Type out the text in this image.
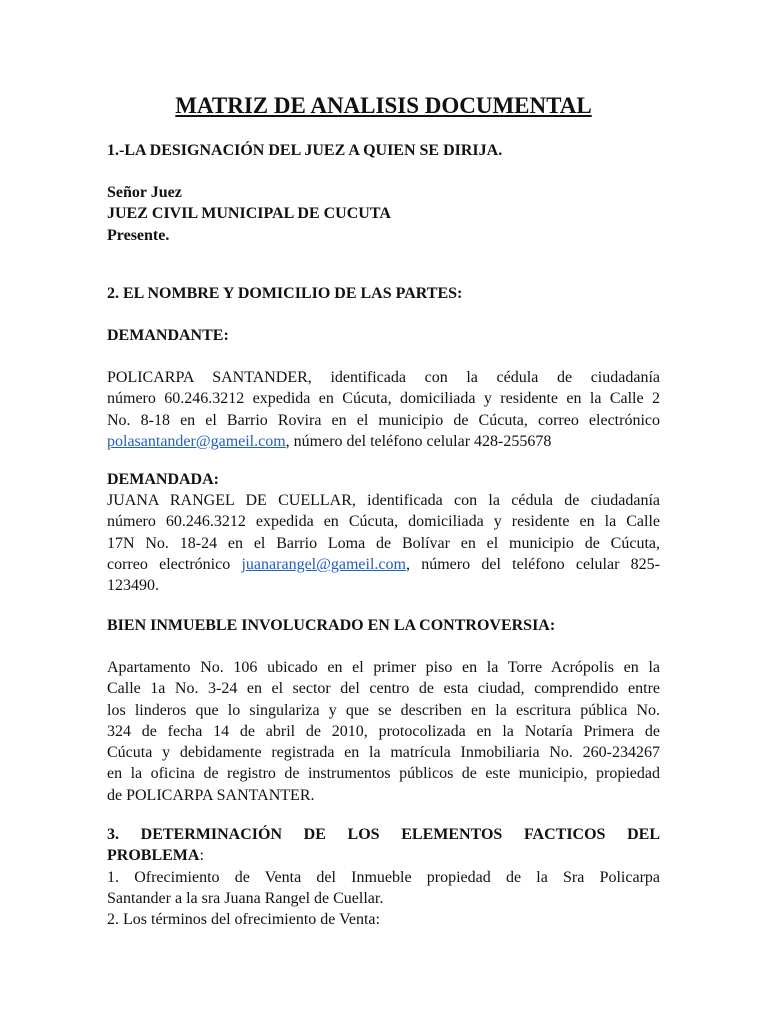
MATRIZ DE ANALISIS DOCUMENTAL

1.-LA DESIGNACIÓN DEL JUEZ A QUIEN SE DIRIJA.

Señor Juez
JUEZ CIVIL MUNICIPAL DE CUCUTA
Presente.

2. EL NOMBRE Y DOMICILIO DE LAS PARTES:

DEMANDANTE:

POLICARPA SANTANDER, identificada con la cédula de ciudadanía
número 60.246.3212 expedida en Cúcuta, domiciliada y residente en la Calle 2
No. 8-18 en el Barrio Rovira en el municipio de Cúcuta, correo electrónico
polasantander@gameil.com, número del teléfono celular 428-255678

DEMANDADA:

JUANA RANGEL DE CUELLAR, identificada con la cédula de ciudadanía
número 60.246.3212 expedida en Cúcuta, domiciliada y residente en la Calle
17N No. 18-24 en el Barrio Loma de Bolívar en el municipio de Cúcuta,
correo electrónico juanarangel@gameil.com, número del teléfono celular 825-
123490.

BIEN INMUEBLE INVOLUCRADO EN LA CONTROVERSIA:

Apartamento No. 106 ubicado en el primer piso en la Torre Acrópolis en la
Calle 1a No. 3-24 en el sector del centro de esta ciudad, comprendido entre
los linderos que lo singulariza y que se describen en la escritura pública No.
324 de fecha 14 de abril de 2010, protocolizada en la Notaría Primera de
Cúcuta y debidamente registrada en la matrícula Inmobiliaria No. 260-234267
en la oficina de registro de instrumentos públicos de este municipio, propiedad
de POLICARPA SANTANTER.
3. DETERMINACIÓN DE LOS ELEMENTOS FACTICOS DEL
PROBLEMA:
1. Ofrecimiento de Venta del Inmueble propiedad de la Sra Policarpa
Santander a la sra Juana Rangel de Cuellar.
2. Los términos del ofrecimiento de Venta:
